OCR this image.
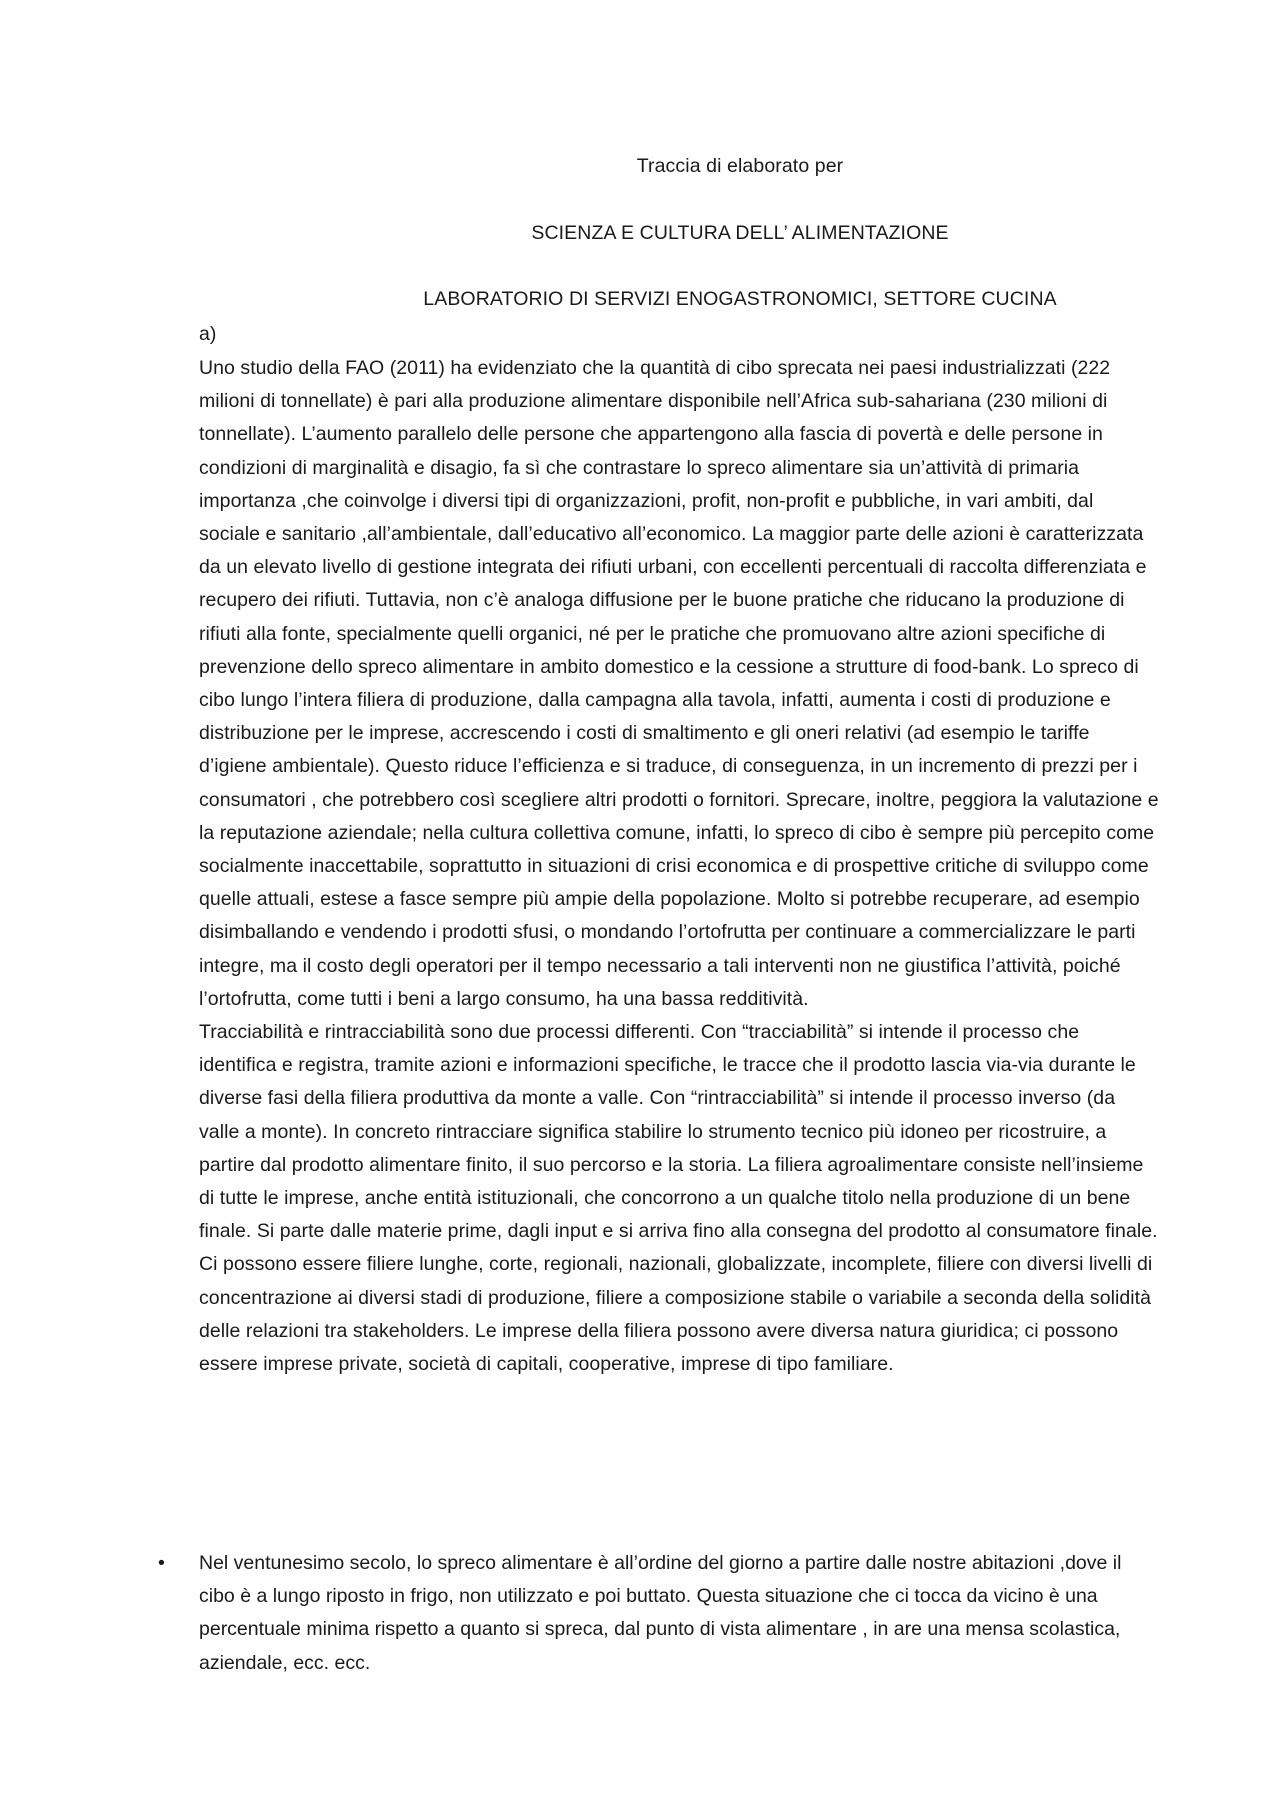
Traccia di elaborato per
SCIENZA E CULTURA DELL’ ALIMENTAZIONE
LABORATORIO DI SERVIZI ENOGASTRONOMICI, SETTORE CUCINA
a)

Uno studio della FAO (2011) ha evidenziato che la quantità di cibo sprecata nei paesi industrializzati (222 milioni di tonnellate) è pari alla produzione alimentare disponibile nell’Africa sub-sahariana (230 milioni di tonnellate). L’aumento parallelo delle persone che appartengono alla fascia di povertà e delle persone in condizioni di marginalità e disagio, fa sì che contrastare lo spreco alimentare sia un’attività di primaria importanza ,che coinvolge i diversi tipi di organizzazioni, profit, non-profit e pubbliche, in vari ambiti, dal sociale e sanitario ,all’ambientale, dall’educativo all’economico. La maggior parte delle azioni è caratterizzata da un elevato livello di gestione integrata dei rifiuti urbani, con eccellenti percentuali di raccolta differenziata e recupero dei rifiuti. Tuttavia, non c’è analoga diffusione per le buone pratiche che riducano la produzione di rifiuti alla fonte, specialmente quelli organici, né per le pratiche che promuovano altre azioni specifiche di prevenzione dello spreco alimentare in ambito domestico e la cessione a strutture di food-bank. Lo spreco di cibo lungo l’intera filiera di produzione, dalla campagna alla tavola, infatti, aumenta i costi di produzione e distribuzione per le imprese, accrescendo i costi di smaltimento e gli oneri relativi (ad esempio le tariffe d’igiene ambientale). Questo riduce l’efficienza e si traduce, di conseguenza, in un incremento di prezzi per i consumatori , che potrebbero così scegliere altri prodotti o fornitori. Sprecare, inoltre, peggiora la valutazione e la reputazione aziendale; nella cultura collettiva comune, infatti, lo spreco di cibo è sempre più percepito come socialmente inaccettabile, soprattutto in situazioni di crisi economica e di prospettive critiche di sviluppo come quelle attuali, estese a fasce sempre più ampie della popolazione. Molto si potrebbe recuperare, ad esempio disimballando e vendendo i prodotti sfusi, o mondando l’ortofrutta per continuare a commercializzare le parti integre, ma il costo degli operatori per il tempo necessario a tali interventi non ne giustifica l’attività, poiché l’ortofrutta, come tutti i beni a largo consumo, ha una bassa redditività.

Tracciabilità e rintracciabilità sono due processi differenti. Con “tracciabilità” si intende il processo che identifica e registra, tramite azioni e informazioni specifiche, le tracce che il prodotto lascia via-via durante le diverse fasi della filiera produttiva da monte a valle. Con “rintracciabilità” si intende il processo inverso (da valle a monte). In concreto rintracciare significa stabilire lo strumento tecnico più idoneo per ricostruire, a partire dal prodotto alimentare finito, il suo percorso e la storia. La filiera agroalimentare consiste nell’insieme di tutte le imprese, anche entità istituzionali, che concorrono a un qualche titolo nella produzione di un bene finale. Si parte dalle materie prime, dagli input e si arriva fino alla consegna del prodotto al consumatore finale. Ci possono essere filiere lunghe, corte, regionali, nazionali, globalizzate, incomplete, filiere con diversi livelli di concentrazione ai diversi stadi di produzione, filiere a composizione stabile o variabile a seconda della solidità delle relazioni tra stakeholders. Le imprese della filiera possono avere diversa natura giuridica; ci possono essere imprese private, società di capitali, cooperative, imprese di tipo familiare.

• Nel ventunesimo secolo, lo spreco alimentare è all’ordine del giorno a partire dalle nostre abitazioni ,dove il cibo è a lungo riposto in frigo, non utilizzato e poi buttato. Questa situazione che ci tocca da vicino è una percentuale minima rispetto a quanto si spreca, dal punto di vista alimentare , in are una mensa scolastica, aziendale, ecc. ecc.
